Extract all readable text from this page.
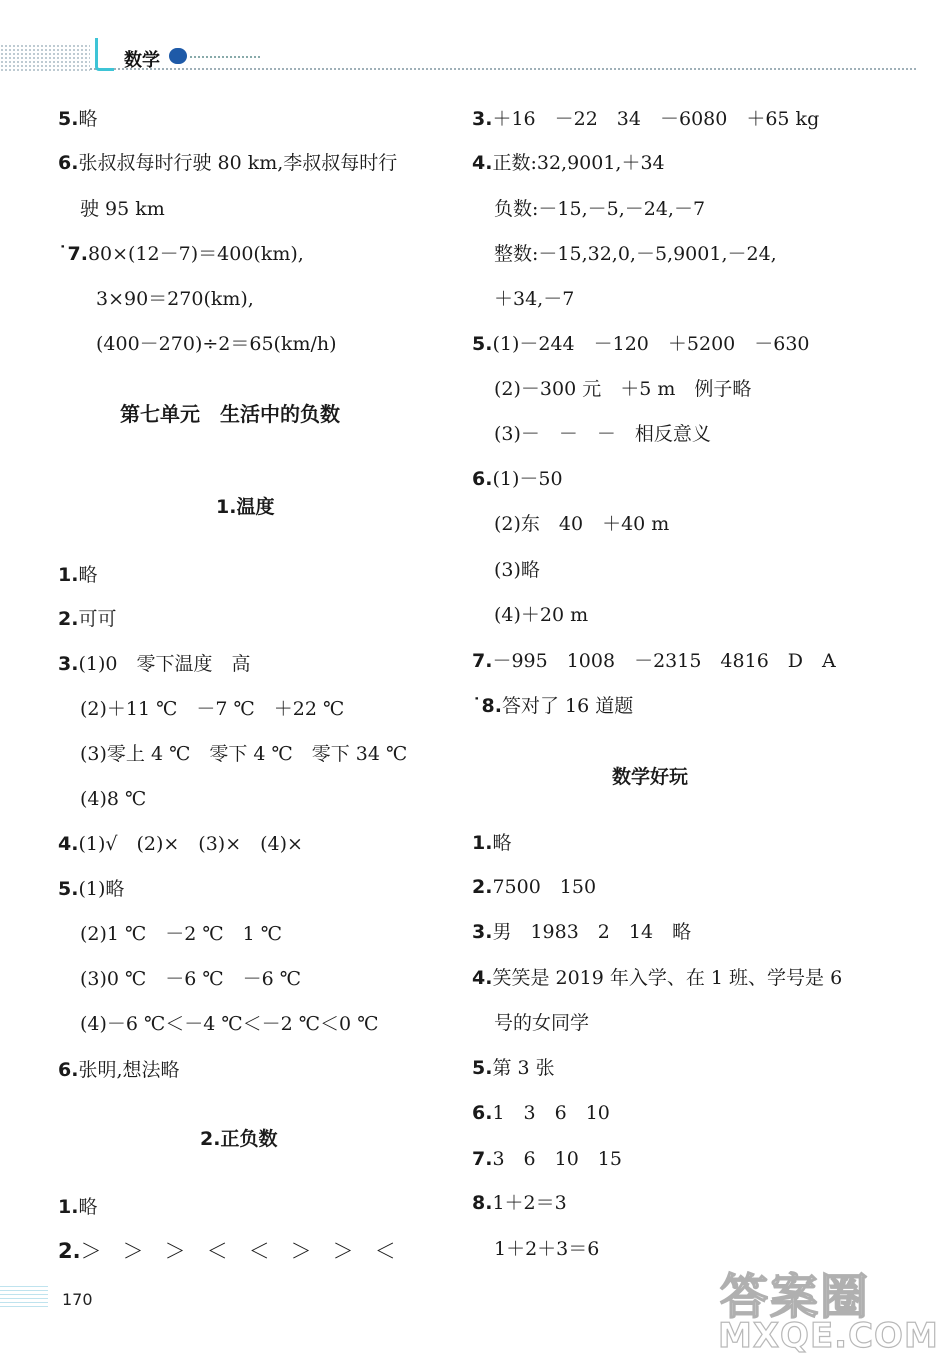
数学
5.略
6.张叔叔每时行驶 80 km,李叔叔每时行
驶 95 km
˙7.80×(12－7)＝400(km),
3×90＝270(km),
(400－270)÷2＝65(km/h)
第七单元　生活中的负数
1.温度
1.略
2.可可
3.(1)0　零下温度　高
(2)＋11 ℃　－7 ℃　＋22 ℃
(3)零上 4 ℃　零下 4 ℃　零下 34 ℃
(4)8 ℃
4.(1)√　(2)×　(3)×　(4)×
5.(1)略
(2)1 ℃　－2 ℃　1 ℃
(3)0 ℃　－6 ℃　－6 ℃
(4)－6 ℃＜－4 ℃＜－2 ℃＜0 ℃
6.张明,想法略
2.正负数
1.略
2.＞　＞　＞　＜　＜　＞　＞　＜
3.＋16　－22　34　－6080　＋65 kg
4.正数:32,9001,＋34
负数:－15,－5,－24,－7
整数:－15,32,0,－5,9001,－24,
＋34,－7
5.(1)－244　－120　＋5200　－630
(2)－300 元　＋5 m　例子略
(3)－　－　－　相反意义
6.(1)－50
(2)东　40　＋40 m
(3)略
(4)＋20 m
7.－995　1008　－2315　4816　D　A
˙8.答对了 16 道题
数学好玩
1.略
2.7500　150
3.男　1983　2　14　略
4.笑笑是 2019 年入学、在 1 班、学号是 6
号的女同学
5.第 3 张
6.1　3　6　10
7.3　6　10　15
8.1＋2＝3
1＋2＋3＝6
170	答案圈
MXQE.COM
